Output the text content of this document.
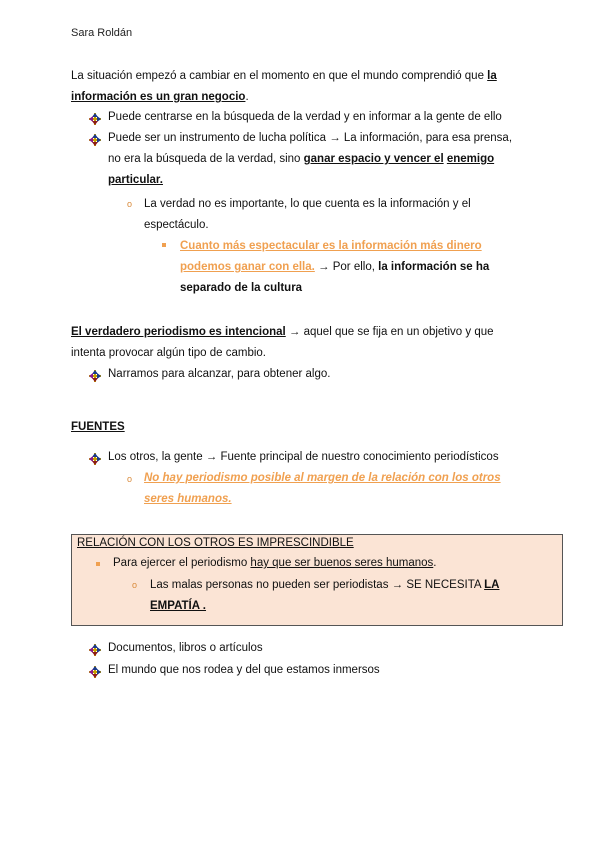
Sara Roldán
La situación empezó a cambiar en el momento en que el mundo comprendió que la
información es un gran negocio.
Puede centrarse en la búsqueda de la verdad y en informar a la gente de ello
Puede ser un instrumento de lucha política → La información, para esa prensa,
no era la búsqueda de la verdad, sino ganar espacio y vencer el enemigo
particular.
o La verdad no es importante, lo que cuenta es la información y el
espectáculo.
Cuanto más espectacular es la información más dinero
podemos ganar con ella. → Por ello, la información se ha
separado de la cultura
El verdadero periodismo es intencional → aquel que se fija en un objetivo y que
intenta provocar algún tipo de cambio.
Narramos para alcanzar, para obtener algo.
FUENTES
Los otros, la gente → Fuente principal de nuestro conocimiento periodísticos
o No hay periodismo posible al margen de la relación con los otros
seres humanos.
RELACIÓN CON LOS OTROS ES IMPRESCINDIBLE
Para ejercer el periodismo hay que ser buenos seres humanos.
o Las malas personas no pueden ser periodistas → SE NECESITA LA
EMPATÍA .
Documentos, libros o artículos
El mundo que nos rodea y del que estamos inmersos
